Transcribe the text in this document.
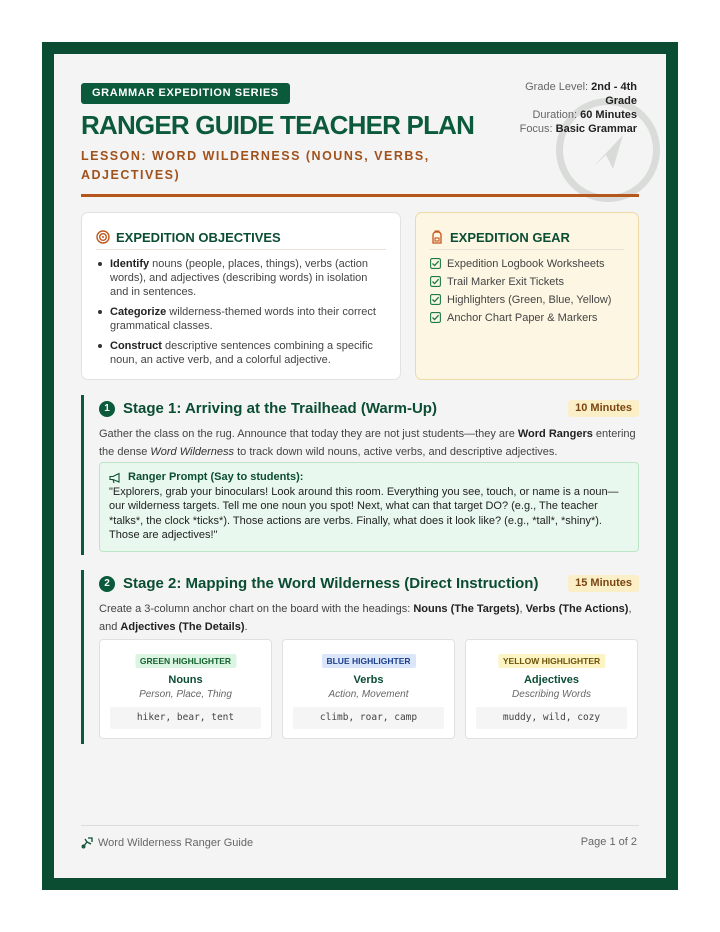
GRAMMAR EXPEDITION SERIES
RANGER GUIDE TEACHER PLAN
LESSON: WORD WILDERNESS (NOUNS, VERBS, ADJECTIVES)
Grade Level: 2nd - 4th Grade
Duration: 60 Minutes
Focus: Basic Grammar
EXPEDITION OBJECTIVES
Identify nouns (people, places, things), verbs (action words), and adjectives (describing words) in isolation and in sentences.
Categorize wilderness-themed words into their correct grammatical classes.
Construct descriptive sentences combining a specific noun, an active verb, and a colorful adjective.
EXPEDITION GEAR
Expedition Logbook Worksheets
Trail Marker Exit Tickets
Highlighters (Green, Blue, Yellow)
Anchor Chart Paper & Markers
1 Stage 1: Arriving at the Trailhead (Warm-Up)	10 Minutes
Gather the class on the rug. Announce that today they are not just students—they are Word Rangers entering the dense Word Wilderness to track down wild nouns, active verbs, and descriptive adjectives.
Ranger Prompt (Say to students):
"Explorers, grab your binoculars! Look around this room. Everything you see, touch, or name is a noun—our wilderness targets. Tell me one noun you spot! Next, what can that target DO? (e.g., The teacher *talks*, the clock *ticks*). Those actions are verbs. Finally, what does it look like? (e.g., *tall*, *shiny*). Those are adjectives!"
2 Stage 2: Mapping the Word Wilderness (Direct Instruction)	15 Minutes
Create a 3-column anchor chart on the board with the headings: Nouns (The Targets), Verbs (The Actions), and Adjectives (The Details).
GREEN HIGHLIGHTER
Nouns
Person, Place, Thing
hiker, bear, tent
BLUE HIGHLIGHTER
Verbs
Action, Movement
climb, roar, camp
YELLOW HIGHLIGHTER
Adjectives
Describing Words
muddy, wild, cozy
Word Wilderness Ranger Guide	Page 1 of 2
